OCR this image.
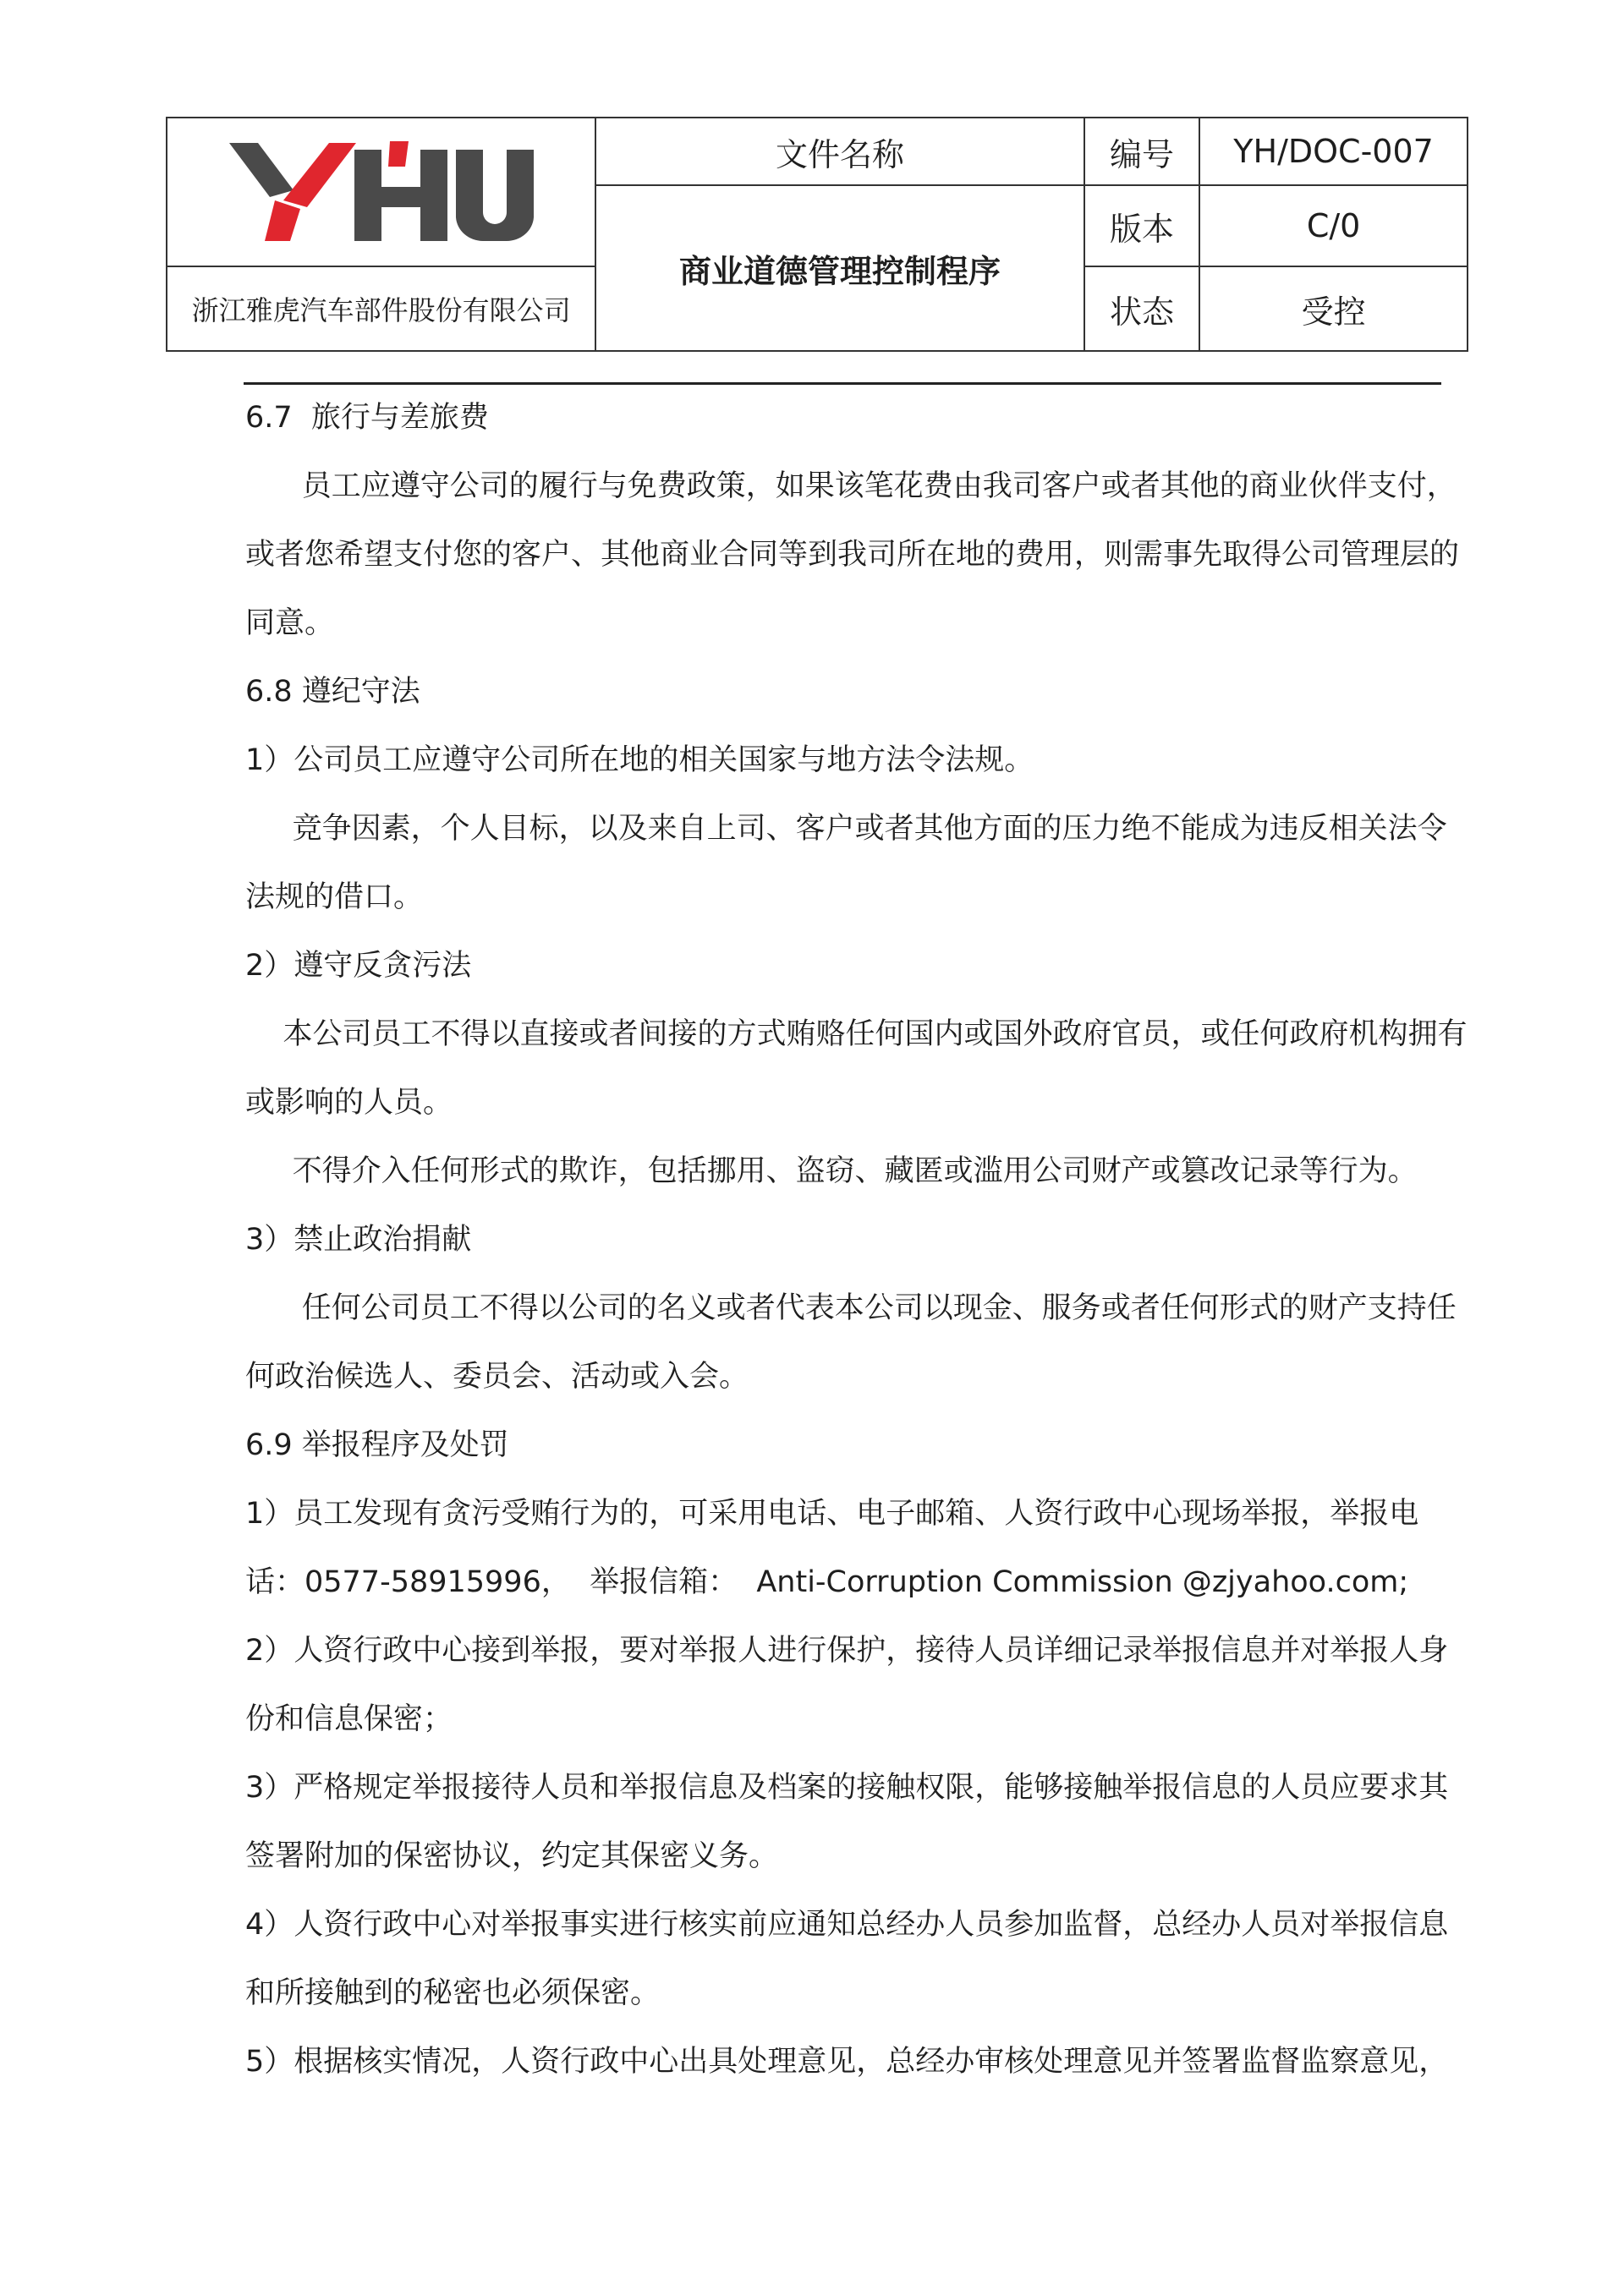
	文件名称	编号	YH/DOC-007
	商业道德管理控制程序	版本	C/0
浙江雅虎汽车部件股份有限公司		状态	受控
6.7  旅行与差旅费
员工应遵守公司的履行与免费政策，如果该笔花费由我司客户或者其他的商业伙伴支付，
或者您希望支付您的客户、其他商业合同等到我司所在地的费用，则需事先取得公司管理层的
同意。
6.8 遵纪守法
1）公司员工应遵守公司所在地的相关国家与地方法令法规。
竞争因素，个人目标，以及来自上司、客户或者其他方面的压力绝不能成为违反相关法令
法规的借口。
2）遵守反贪污法
本公司员工不得以直接或者间接的方式贿赂任何国内或国外政府官员，或任何政府机构拥有
或影响的人员。
不得介入任何形式的欺诈，包括挪用、盗窃、藏匿或滥用公司财产或篡改记录等行为。
3）禁止政治捐献
任何公司员工不得以公司的名义或者代表本公司以现金、服务或者任何形式的财产支持任
何政治候选人、委员会、活动或入会。
6.9 举报程序及处罚
1）员工发现有贪污受贿行为的，可采用电话、电子邮箱、人资行政中心现场举报，举报电
话：0577-58915996，  举报信箱：  Anti-Corruption Commission @zjyahoo.com;
2）人资行政中心接到举报，要对举报人进行保护，接待人员详细记录举报信息并对举报人身
份和信息保密；
3）严格规定举报接待人员和举报信息及档案的接触权限，能够接触举报信息的人员应要求其
签署附加的保密协议，约定其保密义务。
4）人资行政中心对举报事实进行核实前应通知总经办人员参加监督，总经办人员对举报信息
和所接触到的秘密也必须保密。
5）根据核实情况，人资行政中心出具处理意见，总经办审核处理意见并签署监督监察意见，
